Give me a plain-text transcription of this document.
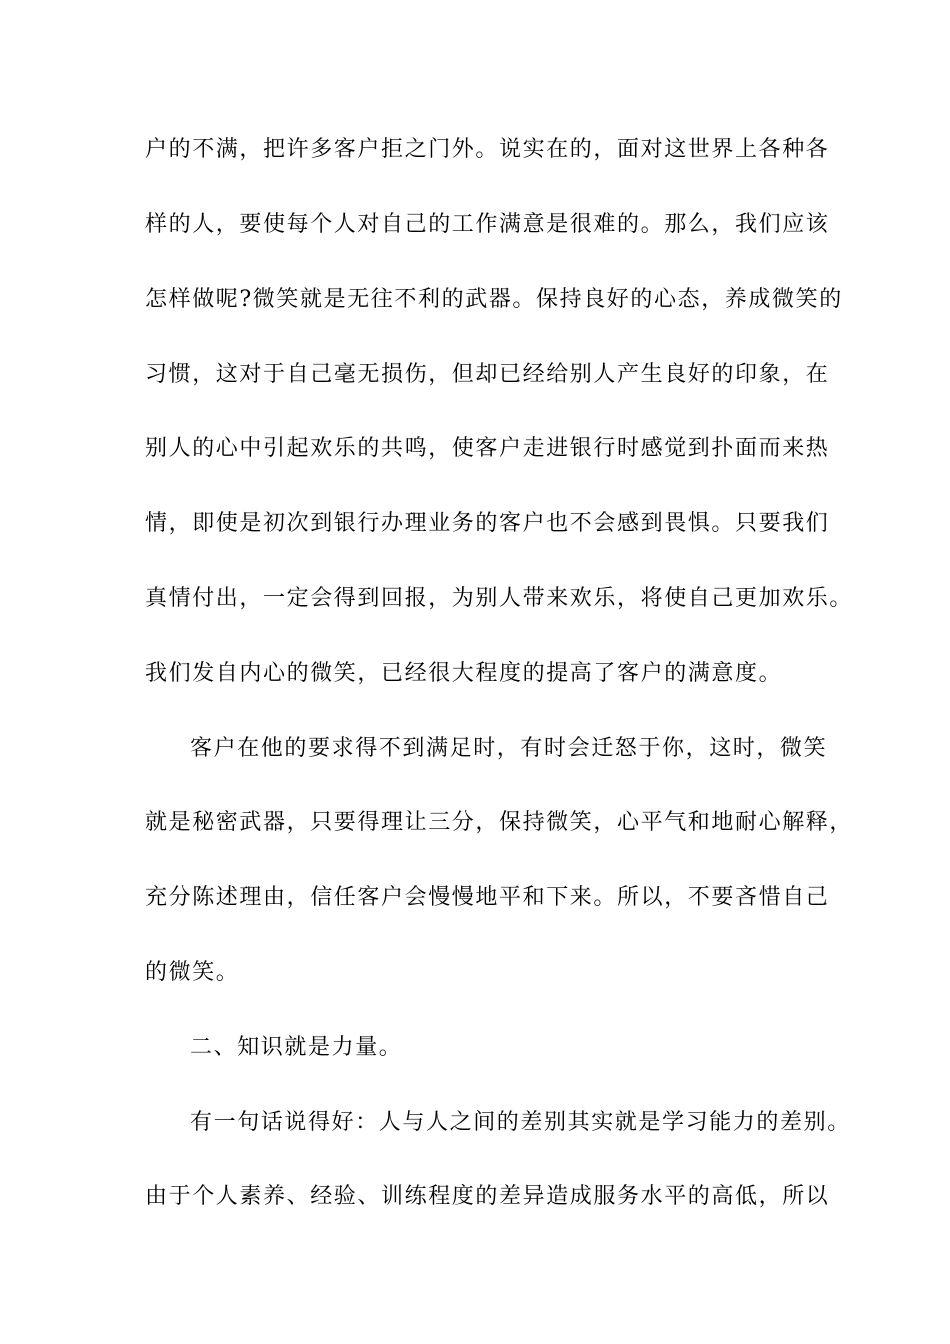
户的不满，把许多客户拒之门外。说实在的，面对这世界上各种各
样的人，要使每个人对自己的工作满意是很难的。那么，我们应该
怎样做呢?微笑就是无往不利的武器。保持良好的心态，养成微笑的
习惯，这对于自己毫无损伤，但却已经给别人产生良好的印象，在
别人的心中引起欢乐的共鸣，使客户走进银行时感觉到扑面而来热
情，即使是初次到银行办理业务的客户也不会感到畏惧。只要我们
真情付出，一定会得到回报，为别人带来欢乐，将使自己更加欢乐。
我们发自内心的微笑，已经很大程度的提高了客户的满意度。
客户在他的要求得不到满足时，有时会迁怒于你，这时，微笑
就是秘密武器，只要得理让三分，保持微笑，心平气和地耐心解释，
充分陈述理由，信任客户会慢慢地平和下来。所以，不要吝惜自己
的微笑。
二、知识就是力量。
有一句话说得好：人与人之间的差别其实就是学习能力的差别。
由于个人素养、经验、训练程度的差异造成服务水平的高低，所以
